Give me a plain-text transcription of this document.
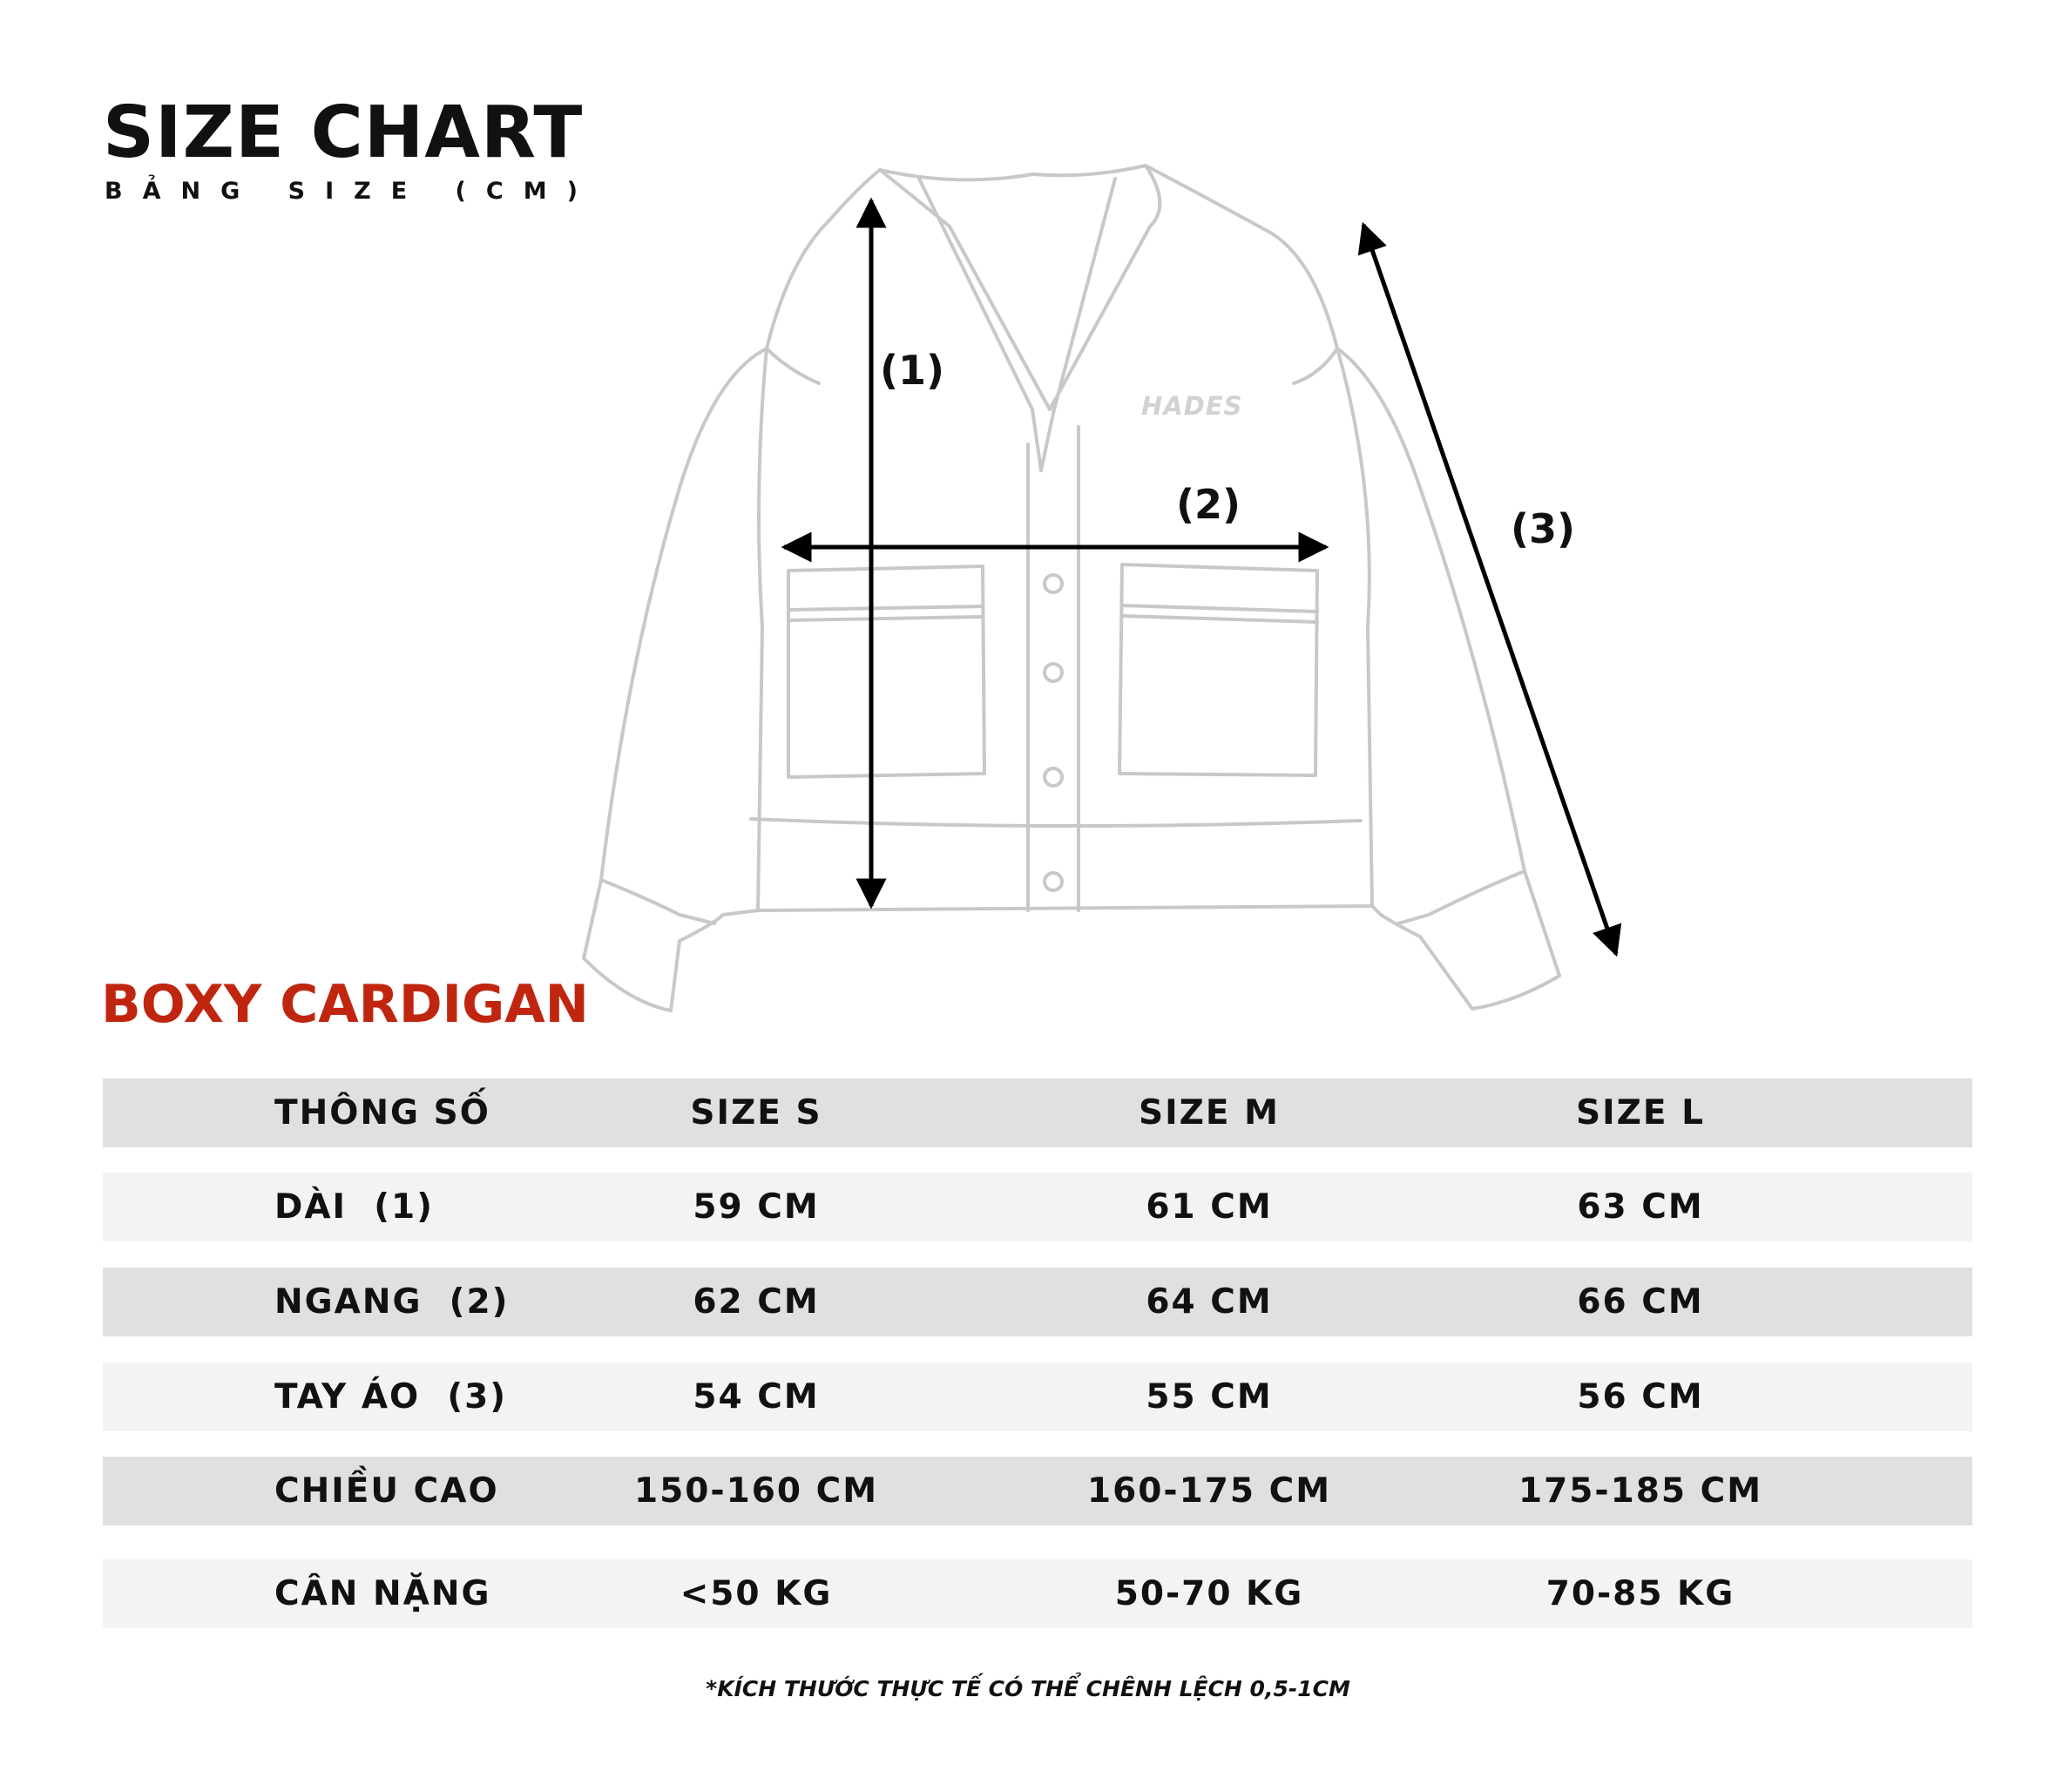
SIZE CHART
BẢNG SIZE (CM)
HADES
(1)
(2)
(3)
BOXY CARDIGAN
THÔNG SỐ	SIZE S	SIZE M	SIZE L
DÀI  (1)	59 CM	61 CM	63 CM
NGANG  (2)	62 CM	64 CM	66 CM
TAY ÁO  (3)	54 CM	55 CM	56 CM
CHIỀU CAO	150-160 CM	160-175 CM	175-185 CM
CÂN NẶNG	<50 KG	50-70 KG	70-85 KG
*KÍCH THƯỚC THỰC TẾ CÓ THỂ CHÊNH LỆCH 0,5-1CM
